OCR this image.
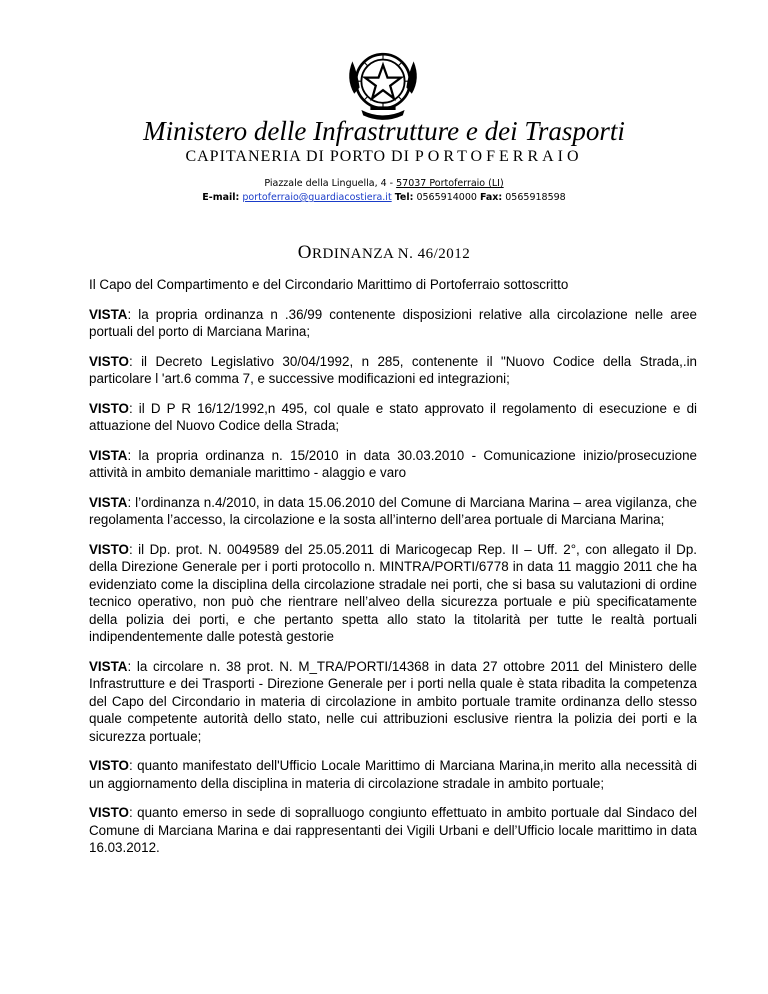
Ministero delle Infrastrutture e dei Trasporti
CAPITANERIA DI PORTO DI PORTOFERRAIO
Piazzale della Linguella, 4 - 57037 Portoferraio (LI)
E-mail: portoferraio@guardiacostiera.it Tel: 0565914000 Fax: 0565918598
ORDINANZA N. 46/2012

Il Capo del Compartimento e del Circondario Marittimo di Portoferraio sottoscritto

VISTA: la propria ordinanza n .36/99 contenente disposizioni relative alla circolazione nelle aree portuali del porto di Marciana Marina;

VISTO: il Decreto Legislativo 30/04/1992, n 285, contenente il "Nuovo Codice della Strada,.in particolare l 'art.6 comma 7, e successive modificazioni ed integrazioni;

VISTO: il D P R 16/12/1992,n 495, col quale e stato approvato il regolamento di esecuzione e di attuazione del Nuovo Codice della Strada;

VISTA: la propria ordinanza n. 15/2010 in data 30.03.2010 - Comunicazione inizio/prosecuzione attività in ambito demaniale marittimo - alaggio e varo

VISTA: l’ordinanza n.4/2010, in data 15.06.2010 del Comune di Marciana Marina – area vigilanza, che regolamenta l’accesso, la circolazione e la sosta all’interno dell’area portuale di Marciana Marina;

VISTO: il Dp. prot. N. 0049589 del 25.05.2011 di Maricogecap Rep. II – Uff. 2°, con allegato il Dp. della Direzione Generale per i porti protocollo n. MINTRA/PORTI/6778 in data 11 maggio 2011 che ha evidenziato come la disciplina della circolazione stradale nei porti, che si basa su valutazioni di ordine tecnico operativo, non può che rientrare nell’alveo della sicurezza portuale e più specificatamente della polizia dei porti, e che pertanto spetta allo stato la titolarità per tutte le realtà portuali indipendentemente dalle potestà gestorie

VISTA: la circolare n. 38 prot. N. M_TRA/PORTI/14368 in data 27 ottobre 2011 del Ministero delle Infrastrutture e dei Trasporti - Direzione Generale per i porti nella quale è stata ribadita la competenza del Capo del Circondario in materia di circolazione in ambito portuale tramite ordinanza dello stesso quale competente autorità dello stato, nelle cui attribuzioni esclusive rientra la polizia dei porti e la sicurezza portuale;

VISTO: quanto manifestato dell'Ufficio Locale Marittimo di Marciana Marina,in merito alla necessità di un aggiornamento della disciplina in materia di circolazione stradale in ambito portuale;

VISTO: quanto emerso in sede di sopralluogo congiunto effettuato in ambito portuale dal Sindaco del Comune di Marciana Marina e dai rappresentanti dei Vigili Urbani e dell’Ufficio locale marittimo in data 16.03.2012.
